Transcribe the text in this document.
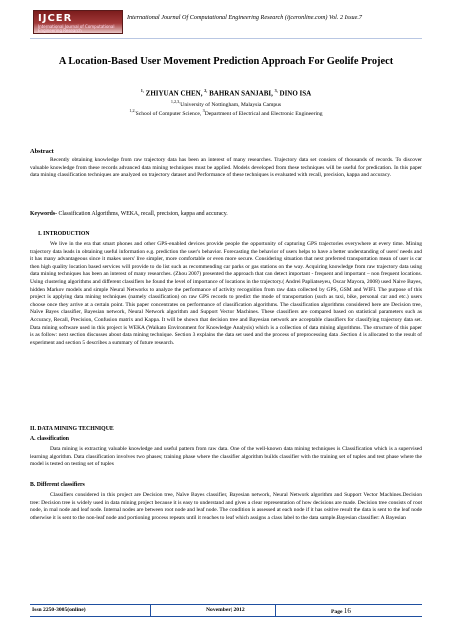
IJCER
International Journal of Computational Engineering Research
International Journal Of Computational Engineering Research (ijceronline.com) Vol. 2 Issue.7
A Location-Based User Movement Prediction Approach For Geolife Project
$^{1,}$ ZHIYUAN CHEN, $^{2,}$ BAHRAN SANJABI, $^{3,}$ DINO ISA
$^{1,2,3,}$University of Nottingham, Malaysia Campus
$^{1,2,}$School of Computer Science, $^3$Department of Electrical and Electronic Engineering
Abstract
Recently obtaining knowledge from raw trajectory data has been an interest of many researches. Trajectory data set consists of thousands of records. To discover valuable knowledge from these records advanced data mining techniques must be applied. Models developed from these techniques will be useful for predication. In this paper data mining classification techniques are analyzed on trajectory dataset and Performance of these techniques is evaluated with recall, precision, kappa and accuracy.
Keywords- Classification Algorithms, WEKA, recall, precision, kappa and accuracy.
I. INTRODUCTION
We live in the era that smart phones and other GPS-enabled devices provide people the opportunity of capturing GPS trajectories everywhere at every time. Mining trajectory data leads in obtaining useful information e.g. prediction the user's behavior. Forecasting the behavior of users helps to have a better understanding of users' needs and it has many advantageous since it makes users' live simpler, more comfortable or even more secure. Considering situation that next preferred transportation mean of user is car then high quality location based services will provide to do list such as recommending car parks or gas stations on the way. Acquiring knowledge from raw trajectory data using data mining techniques has been an interest of many researches. (Zhou 2007) presented the approach that can detect important - frequent and important – non frequent locations. Using clustering algorithms and different classifiers he found the level of importance of locations in the trajectory.( Andrei Papliatseyeu, Oscar Mayora, 2008) used Naive Bayes, hidden Markov models and simple Neural Networks to analyze the performance of activity recognition from raw data collected by GPS, GSM and WIFI. The purpose of this project is applying data mining techniques (namely classification) on raw GPS records to predict the mode of transportation (such as taxi, bike, personal car and etc.) users choose once they arrive at a certain point. This paper concentrates on performance of classification algorithms. The classification algorithms considered here are Decision tree, Naïve Bayes classifier, Bayesian network, Neural Network algorithm and Support Vector Machines. These classifiers are compared based on statistical parameters such as Accuracy, Recall, Precision, Confusion matrix and Kappa. It will be shown that decision tree and Bayesian network are acceptable classifiers for classifying trajectory data set. Data mining software used in this project is WEKA (Waikato Environment for Knowledge Analysis) which is a collection of data mining algorithms. The structure of this paper is as follow: next section discusses about data mining technique. Section 3 explains the data set used and the process of preprocessing data .Section 4 is allocated to the result of experiment and section 5 describes a summary of future research.
II. DATA MINING TECHNIQUE
A. classification
Data mining is extracting valuable knowledge and useful pattern from raw data. One of the well-known data mining techniques is Classification which is a supervised learning algorithm. Data classification involves two phases; training phase where the classifier algorithm builds classifier with the training set of tuples and test phase where the model is tested on testing set of tuples
B. Different classifiers
Classifiers considered in this project are Decision tree, Naïve Bayes classifier, Bayesian network, Neural Network algorithm and Support Vector Machines.Decision tree: Decision tree is widely used in data mining project because it is easy to understand and gives a clear representation of how decisions are made. Decision tree consists of root node, in rnal node and leaf node. Internal nodes are between root node and leaf node. The condition is assessed at each node if it has ositive result the data is sent to the leaf node otherwise it is sent to the non-leaf node and portioning process repeats until it reaches to leaf which assigns a class label to the data sample.Bayesian classifier: A Bayesian
Issn 2250-3005(online)	November| 2012	Page 16
